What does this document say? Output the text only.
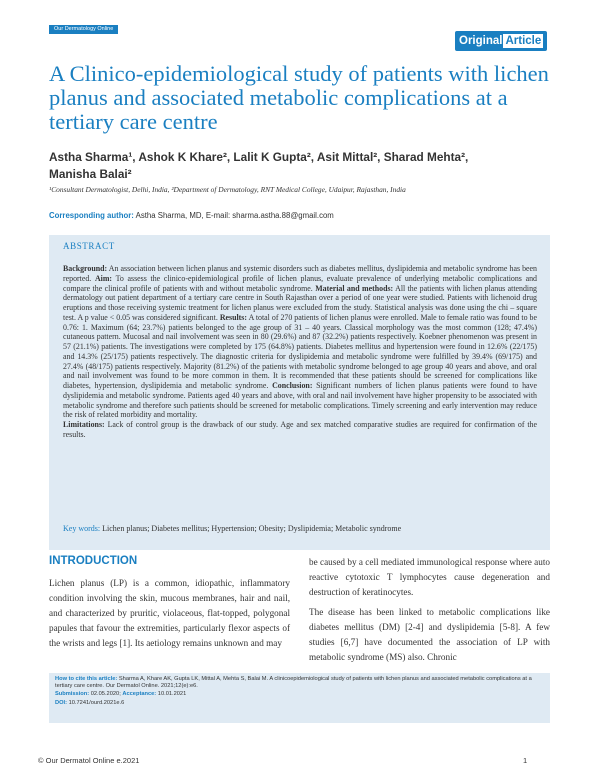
Our Dermatology Online
Original Article
A Clinico-epidemiological study of patients with lichen planus and associated metabolic complications at a tertiary care centre
Astha Sharma¹, Ashok K Khare², Lalit K Gupta², Asit Mittal², Sharad Mehta²,
Manisha Balai²
¹Consultant Dermatologist, Delhi, India, ²Department of Dermatology, RNT Medical College, Udaipur, Rajasthan, India
Corresponding author: Astha Sharma, MD, E-mail: sharma.astha.88@gmail.com
ABSTRACT
Background: An association between lichen planus and systemic disorders such as diabetes mellitus, dyslipidemia and metabolic syndrome has been reported. Aim: To assess the clinico-epidemiological profile of lichen planus, evaluate prevalence of underlying metabolic complications and compare the clinical profile of patients with and without metabolic syndrome. Material and methods: All the patients with lichen planus attending dermatology out patient department of a tertiary care centre in South Rajasthan over a period of one year were studied. Patients with lichenoid drug eruptions and those receiving systemic treatment for lichen planus were excluded from the study. Statistical analysis was done using the chi – square test. A p value < 0.05 was considered significant. Results: A total of 270 patients of lichen planus were enrolled. Male to female ratio was found to be 0.76: 1. Maximum (64; 23.7%) patients belonged to the age group of 31 – 40 years. Classical morphology was the most common (128; 47.4%) cutaneous pattern. Mucosal and nail involvement was seen in 80 (29.6%) and 87 (32.2%) patients respectively. Koebner phenomenon was present in 57 (21.1%) patients. The investigations were completed by 175 (64.8%) patients. Diabetes mellitus and hypertension were found in 12.6% (22/175) and 14.3% (25/175) patients respectively. The diagnostic criteria for dyslipidemia and metabolic syndrome were fulfilled by 39.4% (69/175) and 27.4% (48/175) patients respectively. Majority (81.2%) of the patients with metabolic syndrome belonged to age group 40 years and above, and oral and nail involvement was found to be more common in them. It is recommended that these patients should be screened for complications like diabetes, hypertension, dyslipidemia and metabolic syndrome. Conclusion: Significant numbers of lichen planus patients were found to have dyslipidemia and metabolic syndrome. Patients aged 40 years and above, with oral and nail involvement have higher propensity to be associated with metabolic syndrome and therefore such patients should be screened for metabolic complications. Timely screening and early intervention may reduce the risk of related morbidity and mortality.
Limitations: Lack of control group is the drawback of our study. Age and sex matched comparative studies are required for confirmation of the results.
Key words: Lichen planus; Diabetes mellitus; Hypertension; Obesity; Dyslipidemia; Metabolic syndrome
INTRODUCTION
Lichen planus (LP) is a common, idiopathic, inflammatory condition involving the skin, mucous membranes, hair and nail, and characterized by pruritic, violaceous, flat-topped, polygonal papules that favour the extremities, particularly flexor aspects of the wrists and legs [1]. Its aetiology remains unknown and may
be caused by a cell mediated immunological response where auto reactive cytotoxic T lymphocytes cause degeneration and destruction of keratinocytes.
The disease has been linked to metabolic complications like diabetes mellitus (DM) [2-4] and dyslipidemia [5-8]. A few studies [6,7] have documented the association of LP with metabolic syndrome (MS) also. Chronic
How to cite this article: Sharma A, Khare AK, Gupta LK, Mittal A, Mehta S, Balai M. A clinicoepidemiological study of patients with lichen planus and associated metabolic complications at a tertiary care centre. Our Dermatol Online. 2021;12(e):e6.
Submission: 02.05.2020; Acceptance: 10.01.2021
DOI: 10.7241/ourd.2021e.6
© Our Dermatol Online e.2021	1
